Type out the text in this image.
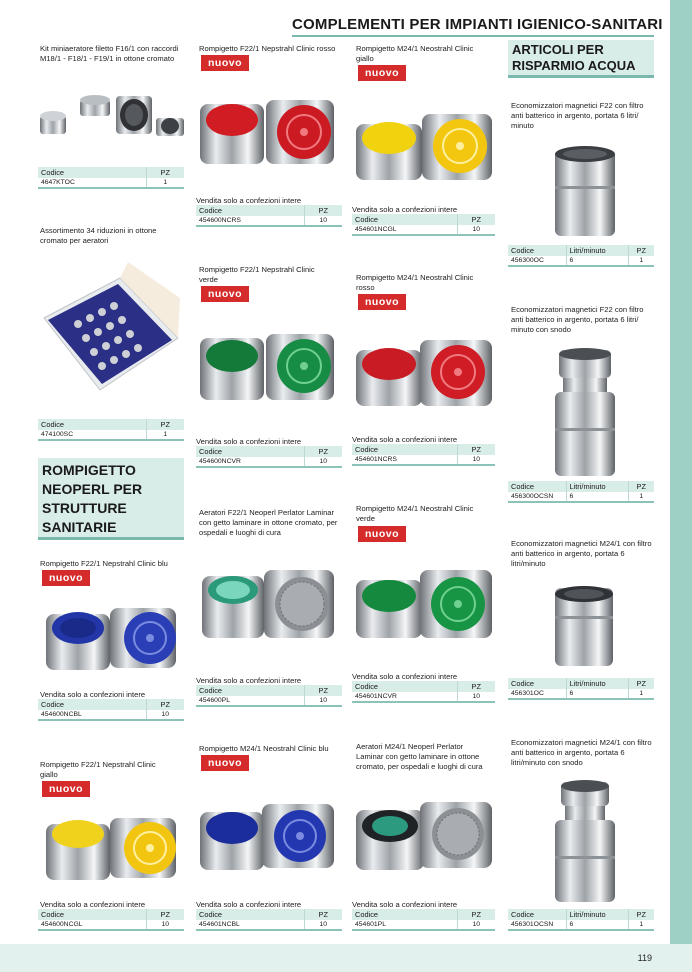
119
COMPLEMENTI PER IMPIANTI IGIENICO-SANITARI
ARTICOLI PER
RISPARMIO ACQUA
ROMPIGETTO
NEOPERL PER
STRUTTURE
SANITARIE
Kit miniaeratore filetto F16/1 con raccordi M18/1 - F18/1 - F19/1 in ottone cromato
Codice	PZ
4647KTOC	1
Assortimento 34 riduzioni in ottone cromato per aeratori
Codice	PZ
474100SC	1
Rompigetto F22/1 Nepstrahl Clinic blu
nuovo
Vendita solo a confezioni intere
Codice	PZ
454600NCBL	10
Rompigetto F22/1 Nepstrahl Clinic giallo
nuovo
Vendita solo a confezioni intere
Codice	PZ
454600NCGL	10
Rompigetto F22/1 Nepstrahl Clinic rosso
nuovo
Vendita solo a confezioni intere
Codice	PZ
454600NCRS	10
Rompigetto F22/1 Nepstrahl Clinic verde
nuovo
Vendita solo a confezioni intere
Codice	PZ
454600NCVR	10
Aeratori F22/1 Neoperl Perlator Laminar con getto laminare in ottone cromato, per ospedali e luoghi di cura
Vendita solo a confezioni intere
Codice	PZ
454600PL	10
Rompigetto M24/1 Neostrahl Clinic blu
nuovo
Vendita solo a confezioni intere
Codice	PZ
454601NCBL	10
Rompigetto M24/1 Neostrahl Clinic giallo
nuovo
Vendita solo a confezioni intere
Codice	PZ
454601NCGL	10
Rompigetto M24/1 Neostrahl Clinic rosso
nuovo
Vendita solo a confezioni intere
Codice	PZ
454601NCRS	10
Rompigetto M24/1 Neostrahl Clinic verde
nuovo
Vendita solo a confezioni intere
Codice	PZ
454601NCVR	10
Aeratori M24/1 Neoperl Perlator Laminar con getto laminare in ottone cromato, per ospedali e luoghi di cura
Vendita solo a confezioni intere
Codice	PZ
454601PL	10
Economizzatori magnetici F22 con filtro anti batterico in argento, portata 6 litri/ minuto
Codice	Litri/minuto	PZ
456300OC	6	1
Economizzatori magnetici F22 con filtro anti batterico in argento, portata 6 litri/ minuto con snodo
Codice	Litri/minuto	PZ
456300OCSN	6	1
Economizzatori magnetici M24/1 con filtro anti batterico in argento, portata 6 litri/minuto
Codice	Litri/minuto	PZ
456301OC	6	1
Economizzatori magnetici M24/1 con filtro anti batterico in argento, portata 6 litri/minuto con snodo
Codice	Litri/minuto	PZ
456301OCSN	6	1
